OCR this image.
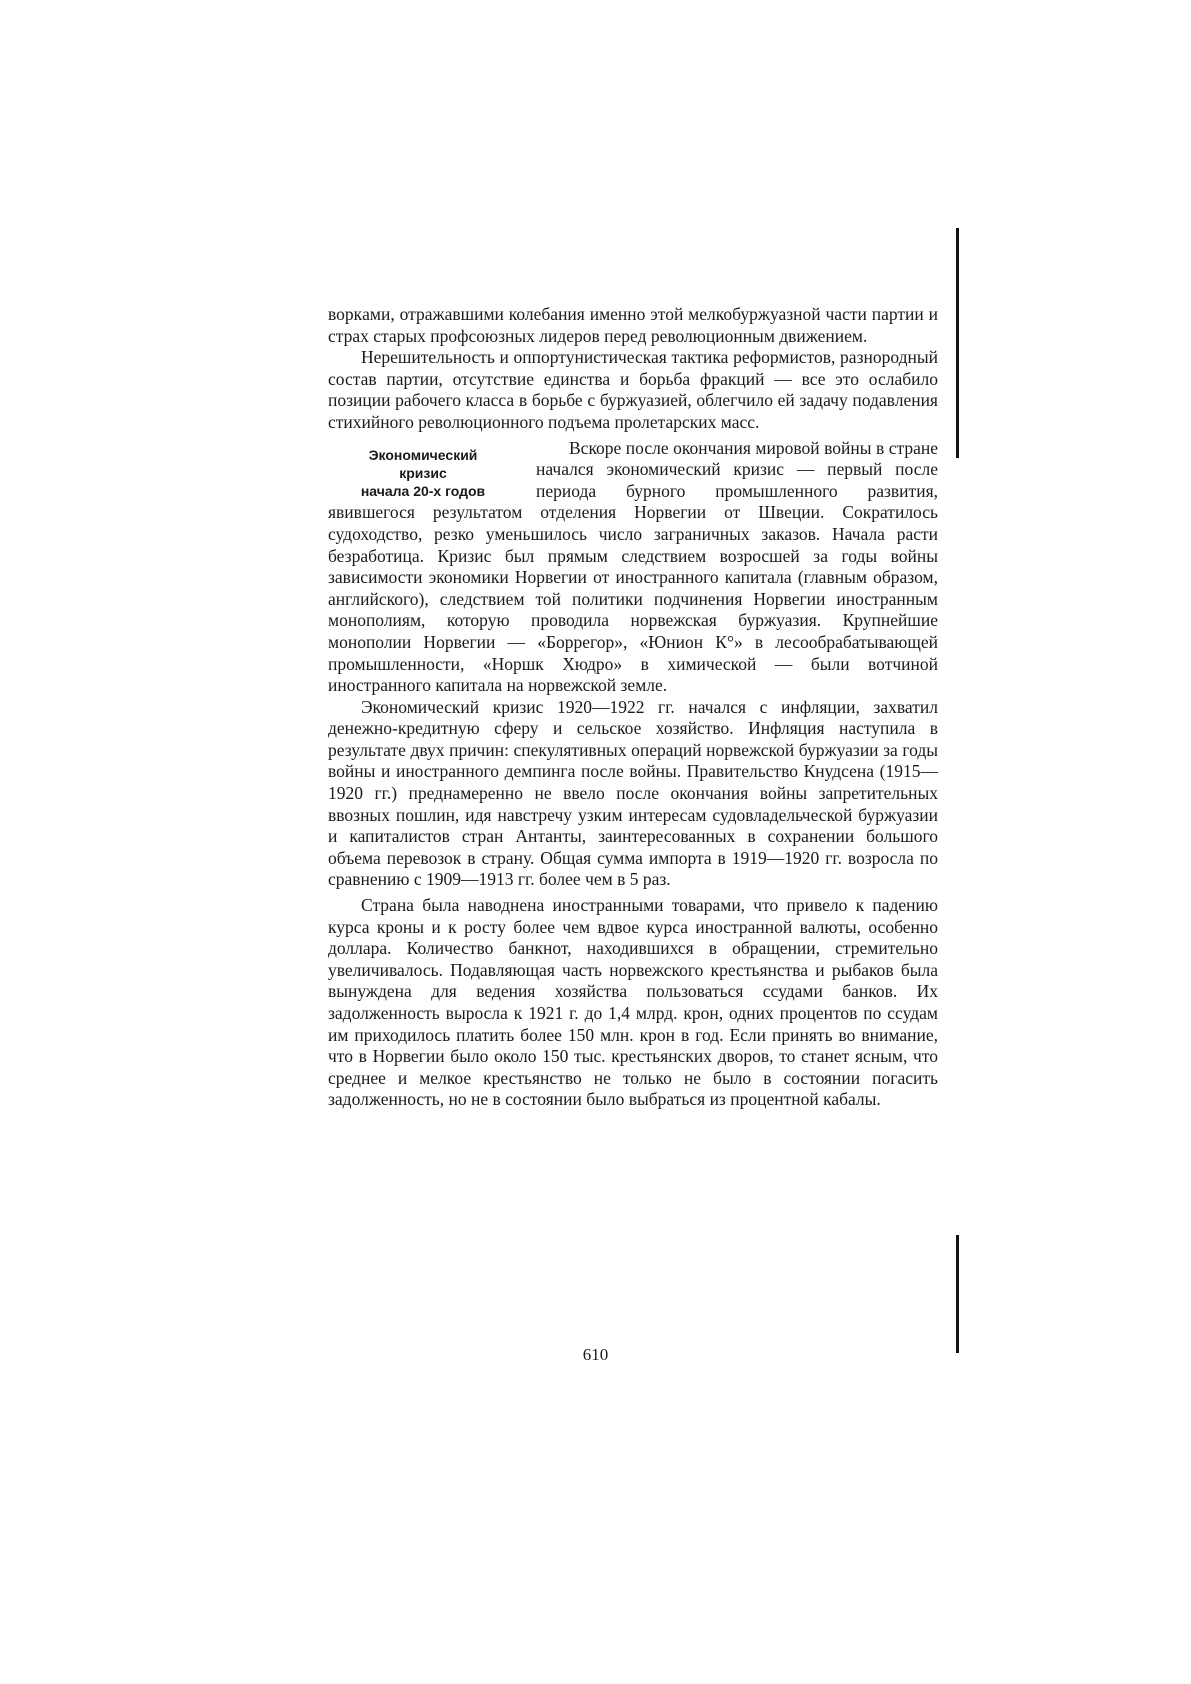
воркaми, отражавшими колебания именно этой мелкобуржуазной части партии и страх старых профсоюзных лидеров перед революционным движением.

Нерешительность и оппортунистическая тактика реформистов, разнородный состав партии, отсутствие единства и борьба фракций — все это ослабило позиции рабочего класса в борьбе с буржуазией, облегчило ей задачу подавления стихийного революционного подъема пролетарских масс.

Экономический
кризис
начала 20-х годов

Вскоре после окончания мировой войны в стране начался экономический кризис — первый после периода бурного промышленного развития, явившегося результатом отделения Норвегии от Швеции. Сократилось судоходство, резко уменьшилось число заграничных заказов. Начала расти безработица. Кризис был прямым следствием возросшей за годы войны зависимости экономики Норвегии от иностранного капитала (главным образом, английского), следствием той политики подчинения Норвегии иностранным монополиям, которую проводила норвежская буржуазия. Крупнейшие монополии Норвегии — «Боррегор», «Юнион К°» в лесообрабатывающей промышленности, «Норшк Хюдро» в химической — были вотчиной иностранного капитала на норвежской земле.

Экономический кризис 1920—1922 гг. начался с инфляции, захватил денежно-кредитную сферу и сельское хозяйство. Инфляция наступила в результате двух причин: спекулятивных операций норвежской буржуазии за годы войны и иностранного демпинга после войны. Правительство Кнудсена (1915—1920 гг.) преднамеренно не ввело после окончания войны запретительных ввозных пошлин, идя навстречу узким интересам судовладельческой буржуазии и капиталистов стран Антанты, заинтересованных в сохранении большого объема перевозок в страну. Общая сумма импорта в 1919—1920 гг. возросла по сравнению с 1909—1913 гг. более чем в 5 раз.

Страна была наводнена иностранными товарами, что привело к падению курса кроны и к росту более чем вдвое курса иностранной валюты, особенно доллара. Количество банкнот, находившихся в обращении, стремительно увеличивалось. Подавляющая часть норвежского крестьянства и рыбаков была вынуждена для ведения хозяйства пользоваться ссудами банков. Их задолженность выросла к 1921 г. до 1,4 млрд. крон, одних процентов по ссудам им приходилось платить более 150 млн. крон в год. Если принять во внимание, что в Норвегии было около 150 тыс. крестьянских дворов, то станет ясным, что среднее и мелкое крестьянство не только не было в состоянии погасить задолженность, но не в состоянии было выбраться из процентной кабалы.

610
